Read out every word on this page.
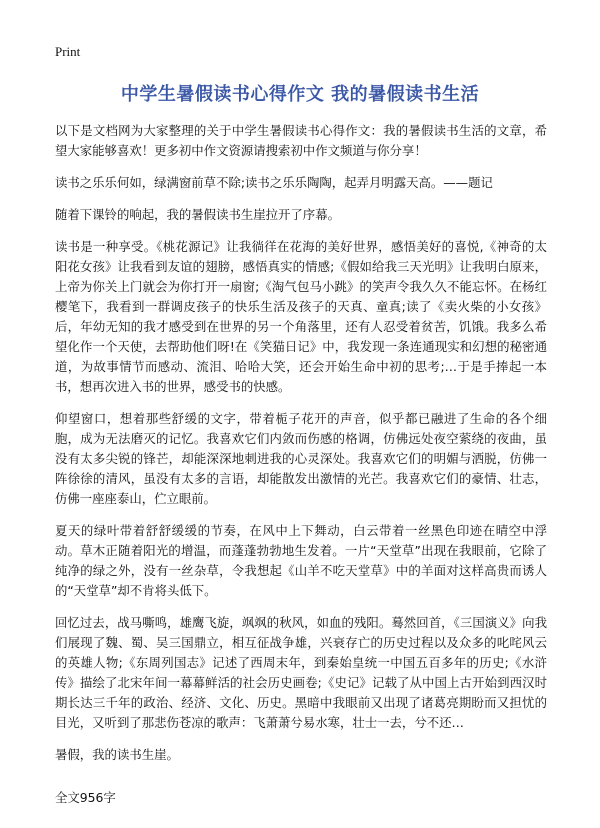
Print
中学生暑假读书心得作文 我的暑假读书生活

以下是文档网为大家整理的关于中学生暑假读书心得作文：我的暑假读书生活的文章，希望大家能够喜欢！更多初中作文资源请搜索初中作文频道与你分享！

读书之乐乐何如，绿满窗前草不除;读书之乐乐陶陶，起弄月明露天高。——题记

随着下课铃的响起，我的暑假读书生崖拉开了序幕。

读书是一种享受。《桃花源记》让我徜徉在花海的美好世界，感悟美好的喜悦,《神奇的太阳花女孩》让我看到友谊的翅膀，感悟真实的情感;《假如给我三天光明》让我明白原来，上帝为你关上门就会为你打开一扇窗;《淘气包马小跳》的笑声令我久久不能忘怀。在杨红樱笔下，我看到一群调皮孩子的快乐生活及孩子的天真、童真;读了《卖火柴的小女孩》后，年幼无知的我才感受到在世界的另一个角落里，还有人忍受着贫苦，饥饿。我多么希望化作一个天使，去帮助他们呀!在《笑猫日记》中，我发现一条连通现实和幻想的秘密通道，为故事情节而感动、流泪、哈哈大笑，还会开始生命中初的思考;…于是手捧起一本书，想再次进入书的世界，感受书的快感。

仰望窗口，想着那些舒缓的文字，带着栀子花开的声音，似乎都已融进了生命的各个细胞，成为无法磨灭的记忆。我喜欢它们内敛而伤感的格调，仿佛远处夜空萦绕的夜曲，虽没有太多尖锐的锋芒，却能深深地刺进我的心灵深处。我喜欢它们的明媚与洒脱，仿佛一阵徐徐的清风，虽没有太多的言语，却能散发出激情的光芒。我喜欢它们的豪情、壮志，仿佛一座座泰山，伫立眼前。

夏天的绿叶带着舒舒缓缓的节奏，在风中上下舞动，白云带着一丝黑色印迹在晴空中浮动。草木正随着阳光的增温，而蓬蓬勃勃地生发着。一片“天堂草”出现在我眼前，它除了纯净的绿之外，没有一丝杂草，令我想起《山羊不吃天堂草》中的羊面对这样高贵而诱人的“天堂草”却不肯将头低下。

回忆过去，战马嘶鸣，雄鹰飞旋，飒飒的秋风，如血的残阳。蓦然回首，《三国演义》向我们展现了魏、蜀、吴三国鼎立，相互征战争雄，兴衰存亡的历史过程以及众多的叱咤风云的英雄人物;《东周列国志》记述了西周末年，到秦始皇统一中国五百多年的历史;《水浒传》描绘了北宋年间一幕幕鲜活的社会历史画卷;《史记》记载了从中国上古开始到西汉时期长达三千年的政治、经济、文化、历史。黑暗中我眼前又出现了诸葛亮期盼而又担忧的目光，又听到了那悲伤苍凉的歌声：飞萧萧兮易水寒，壮士一去，兮不还…

暑假，我的读书生崖。

全文956字
